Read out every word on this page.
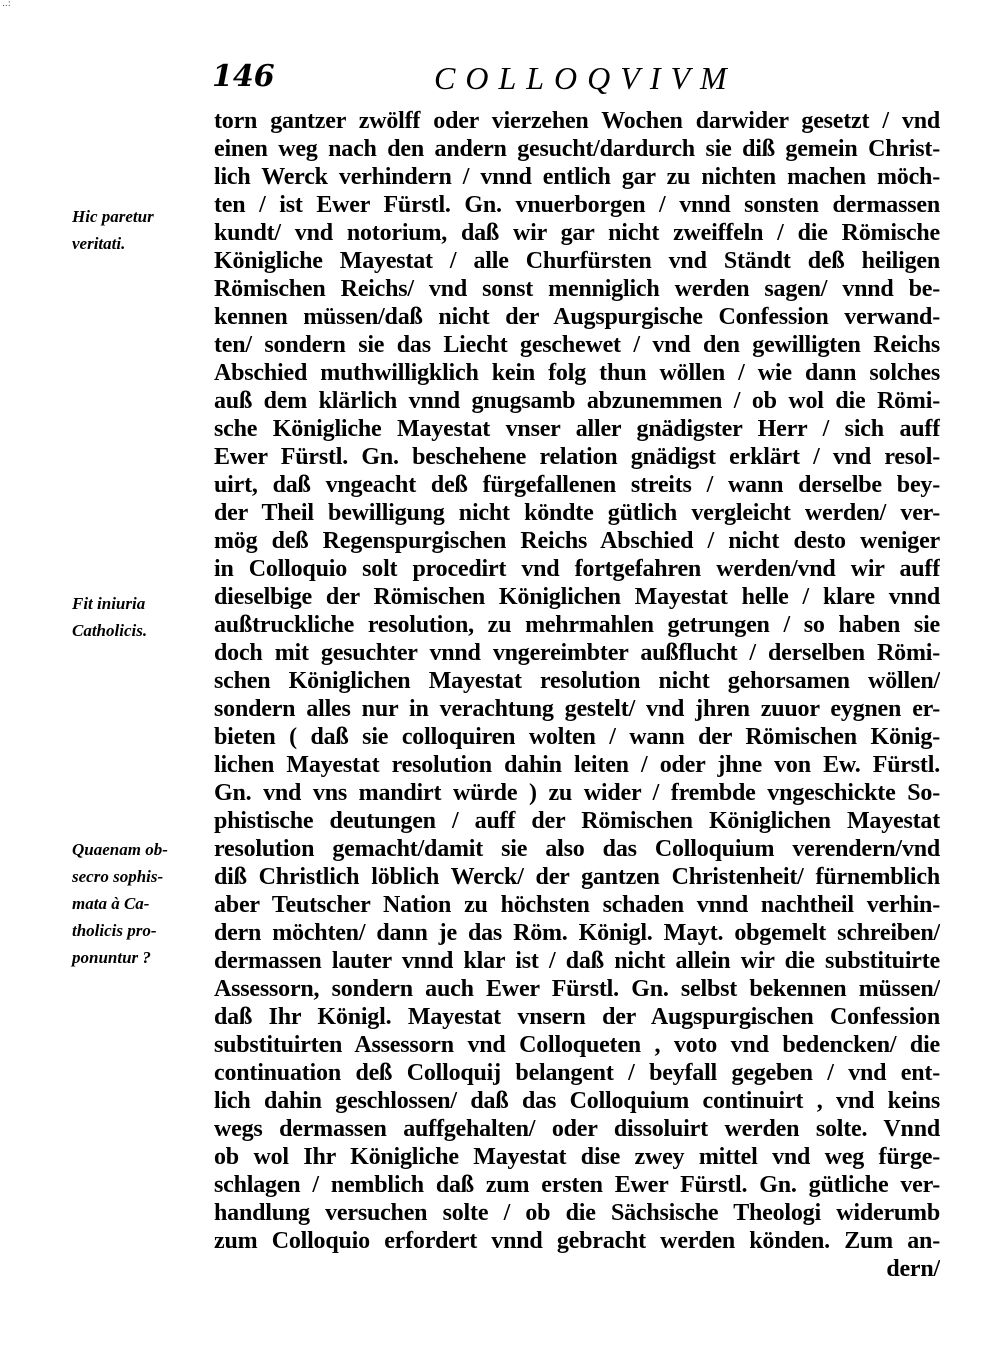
..:
146	COLLOQVIVM
Hic paretur
veritati.
Fit iniuria
Catholicis.
Quaenam ob-
secro sophis-
mata à Ca-
tholicis pro-
ponuntur ?
torn gantzer zwölff oder vierzehen Wochen darwider gesetzt / vnd
einen weg nach den andern gesucht/dardurch sie diß gemein Christ-
lich Werck verhindern / vnnd entlich gar zu nichten machen möch-
ten / ist Ewer Fürstl. Gn. vnuerborgen / vnnd sonsten dermassen
kundt/ vnd notorium, daß wir gar nicht zweiffeln / die Römische
Königliche Mayestat / alle Churfürsten vnd Ständt deß heiligen
Römischen Reichs/ vnd sonst menniglich werden sagen/ vnnd be-
kennen müssen/daß nicht der Augspurgische Confession verwand-
ten/ sondern sie das Liecht geschewet / vnd den gewilligten Reichs
Abschied muthwilligklich kein folg thun wöllen / wie dann solches
auß dem klärlich vnnd gnugsamb abzunemmen / ob wol die Römi-
sche Königliche Mayestat vnser aller gnädigster Herr / sich auff
Ewer Fürstl. Gn. beschehene relation gnädigst erklärt / vnd resol-
uirt, daß vngeacht deß fürgefallenen streits / wann derselbe bey-
der Theil bewilligung nicht köndte gütlich vergleicht werden/ ver-
mög deß Regenspurgischen Reichs Abschied / nicht desto weniger
in Colloquio solt procedirt vnd fortgefahren werden/vnd wir auff
dieselbige der Römischen Königlichen Mayestat helle / klare vnnd
außtruckliche resolution, zu mehrmahlen getrungen / so haben sie
doch mit gesuchter vnnd vngereimbter außflucht / derselben Römi-
schen Königlichen Mayestat resolution nicht gehorsamen wöllen/
sondern alles nur in verachtung gestelt/ vnd jhren zuuor eygnen er-
bieten ( daß sie colloquiren wolten / wann der Römischen König-
lichen Mayestat resolution dahin leiten / oder jhne von Ew. Fürstl.
Gn. vnd vns mandirt würde ) zu wider / frembde vngeschickte So-
phistische deutungen / auff der Römischen Königlichen Mayestat
resolution gemacht/damit sie also das Colloquium verendern/vnd
diß Christlich löblich Werck/ der gantzen Christenheit/ fürnemblich
aber Teutscher Nation zu höchsten schaden vnnd nachtheil verhin-
dern möchten/ dann je das Röm. Königl. Mayt. obgemelt schreiben/
dermassen lauter vnnd klar ist / daß nicht allein wir die substituirte
Assessorn, sondern auch Ewer Fürstl. Gn. selbst bekennen müssen/
daß Ihr Königl. Mayestat vnsern der Augspurgischen Confession
substituirten Assessorn vnd Colloqueten , voto vnd bedencken/ die
continuation deß Colloquij belangent / beyfall gegeben / vnd ent-
lich dahin geschlossen/ daß das Colloquium continuirt , vnd keins
wegs dermassen auffgehalten/ oder dissoluirt werden solte. Vnnd
ob wol Ihr Königliche Mayestat dise zwey mittel vnd weg fürge-
schlagen / nemblich daß zum ersten Ewer Fürstl. Gn. gütliche ver-
handlung versuchen solte / ob die Sächsische Theologi widerumb
zum Colloquio erfordert vnnd gebracht werden könden. Zum an-
dern/
